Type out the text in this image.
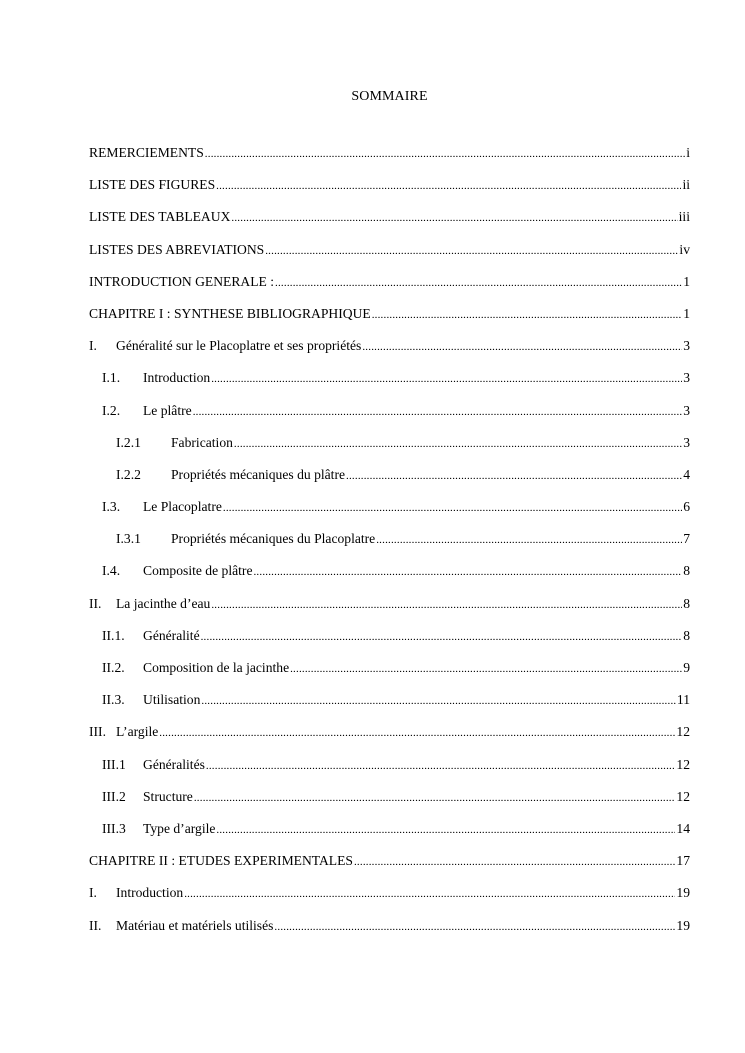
SOMMAIRE
REMERCIEMENTS .....	i
LISTE DES FIGURES .....	ii
LISTE DES TABLEAUX .....	iii
LISTES DES ABREVIATIONS .....	iv
INTRODUCTION GENERALE : .....	1
CHAPITRE I : SYNTHESE BIBLIOGRAPHIQUE .....	1
I.	Généralité sur le Placoplatre et ses propriétés .....	3
I.1.	Introduction .....	3
I.2.	Le plâtre .....	3
I.2.1	Fabrication .....	3
I.2.2	Propriétés mécaniques du plâtre .....	4
I.3.	Le Placoplatre .....	6
I.3.1	Propriétés mécaniques du Placoplatre .....	7
I.4.	Composite de plâtre .....	8
II.	La jacinthe d’eau .....	8
II.1.	Généralité .....	8
II.2.	Composition de la jacinthe .....	9
II.3.	Utilisation .....	11
III. L’argile .....	12
III.1	Généralités .....	12
III.2	Structure .....	12
III.3	Type d’argile .....	14
CHAPITRE II : ETUDES EXPERIMENTALES .....	17
I.	Introduction .....	19
II.	Matériau et matériels utilisés .....	19
